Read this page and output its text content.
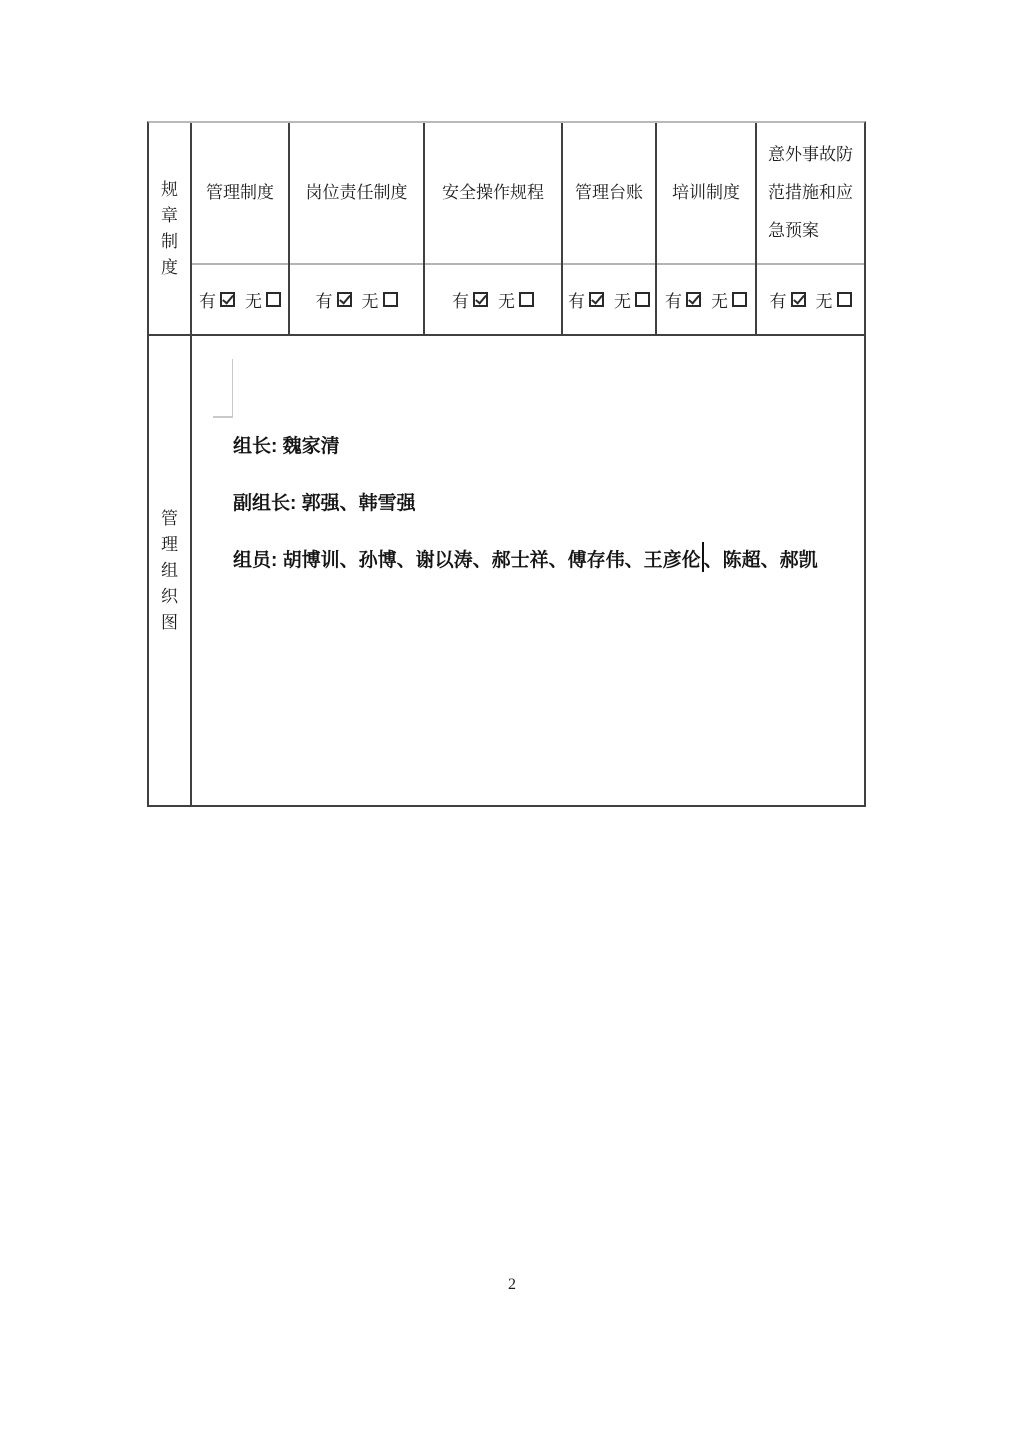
规章制度
管理制度
有 无
岗位责任制度
有 无
安全操作规程
有 无
管理台账
有 无
培训制度
有 无
意外事故防范措施和应急预案
有 无
管理组织图
组长: 魏家清
副组长: 郭强、韩雪强
组员: 胡博训、孙博、谢以涛、郝士祥、傅存伟、王彦伦 、陈超、郝凯
2
